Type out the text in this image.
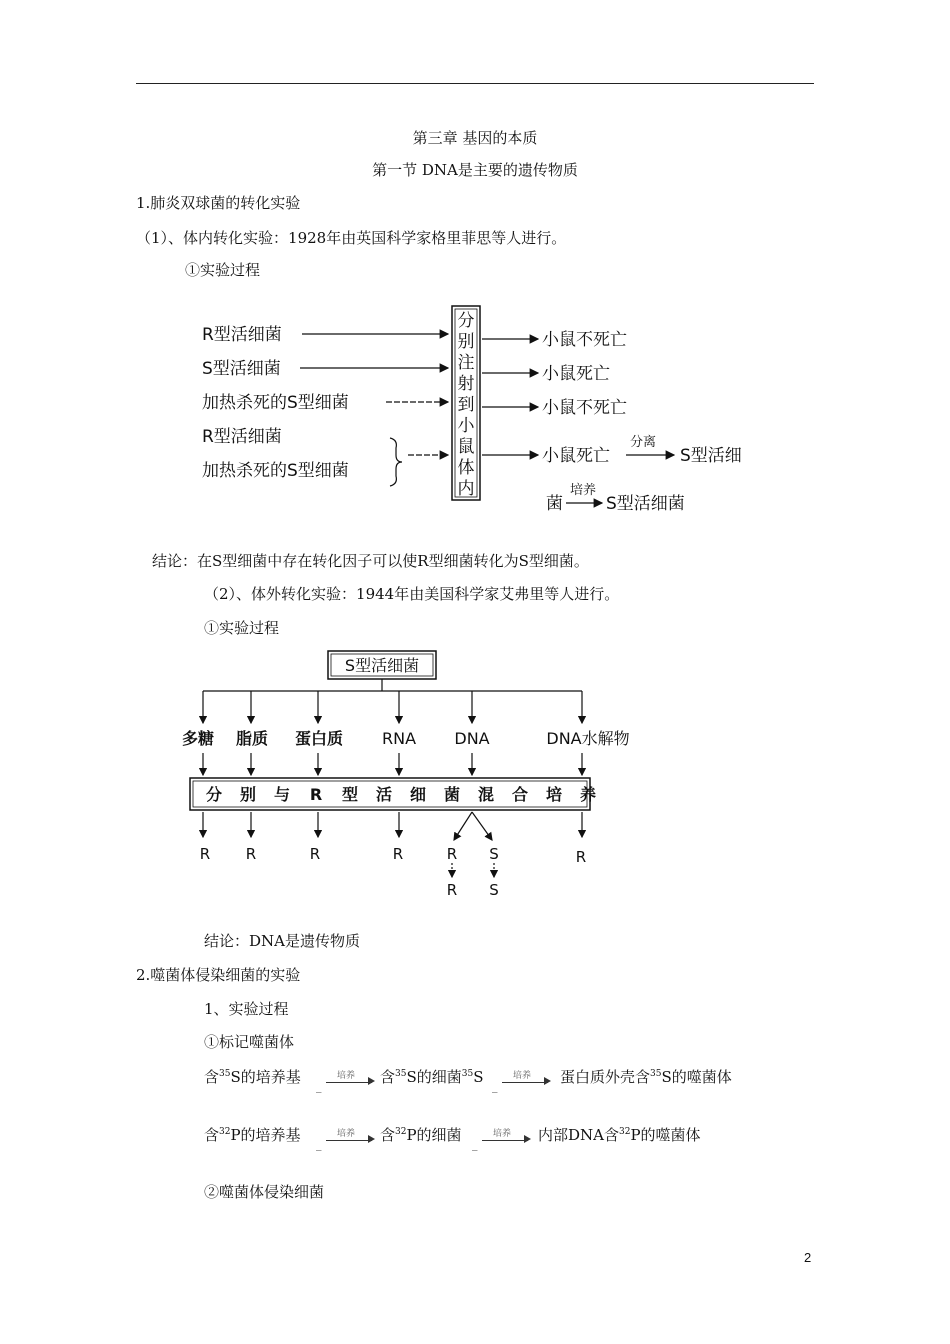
第三章 基因的本质
第一节 DNA是主要的遗传物质
1.肺炎双球菌的转化实验
（1）、体内转化实验：1928年由英国科学家格里菲思等人进行。
①实验过程
R型活细菌
S型活细菌
加热杀死的S型细菌
R型活细菌
加热杀死的S型细菌
分
别
注
射
到
小
鼠
体
内
小鼠不死亡
小鼠死亡
小鼠不死亡
小鼠死亡
分离
S型活细
菌
培养
S型活细菌
结论：在S型细菌中存在转化因子可以使R型细菌转化为S型细菌。
（2）、体外转化实验：1944年由美国科学家艾弗里等人进行。
①实验过程
S型活细菌
多糖 脂质 蛋白质 RNA DNA	DNA水解物
分 别 与 R 型 活 细 菌 混 合 培 养
R R	R	R	R S	R
R S
结论：DNA是遗传物质
2.噬菌体侵染细菌的实验
1、实验过程
①标记噬菌体
含$^{35}$S的培养基
_
培养	含$^{35}$S的细菌$^{35}$S
_
培养	蛋白质外壳含$^{35}$S的噬菌体
含$^{32}$P的培养基
_
培养	含$^{32}$P的细菌
_
培养	内部DNA含$^{32}$P的噬菌体
②噬菌体侵染细菌
2
